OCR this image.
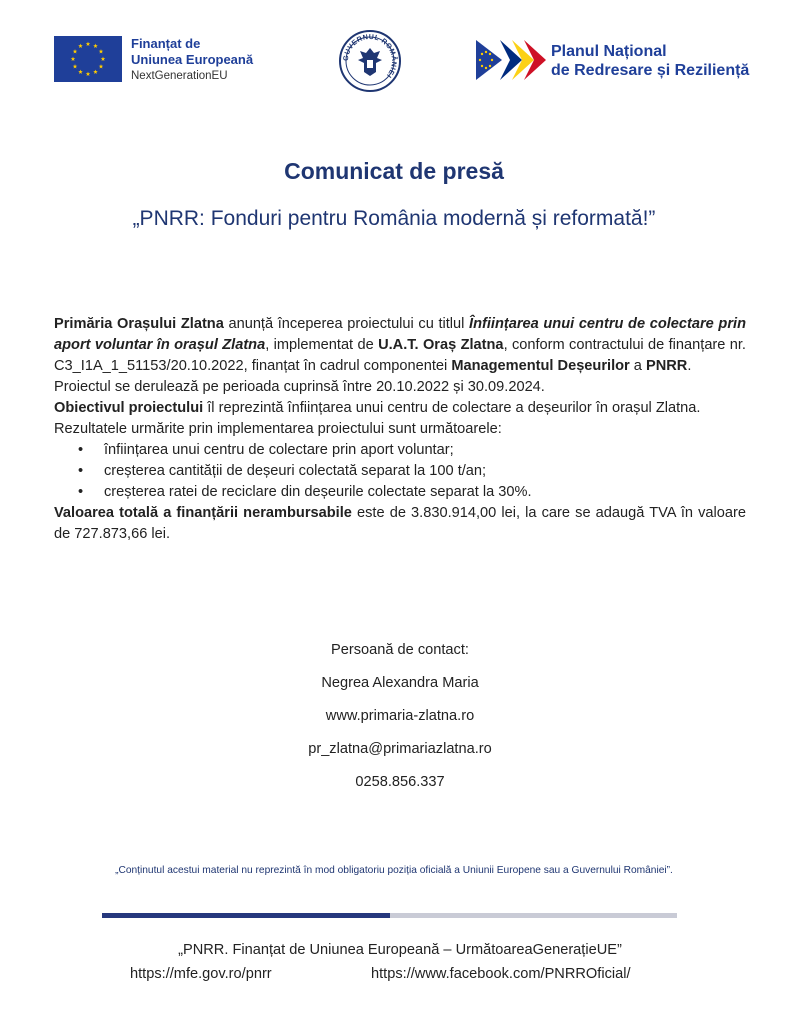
Finanțat de
Uniunea Europeană
NextGenerationEU
GUVERNUL ROMÂNIEI
Planul Național
de Redresare și Reziliență
Comunicat de presă
„PNRR: Fonduri pentru România modernă și reformată!”

Primăria Orașului Zlatna anunță începerea proiectului cu titlul Înființarea unui centru de colectare prin aport voluntar în orașul Zlatna, implementat de U.A.T. Oraș Zlatna, conform contractului de finanțare nr. C3_I1A_1_51153/20.10.2022, finanțat în cadrul componentei Managementul Deșeurilor a PNRR.

Proiectul se derulează pe perioada cuprinsă între 20.10.2022 și 30.09.2024.

Obiectivul proiectului îl reprezintă înființarea unui centru de colectare a deșeurilor în orașul Zlatna.

Rezultatele urmărite prin implementarea proiectului sunt următoarele:

• înființarea unui centru de colectare prin aport voluntar;
• creșterea cantității de deșeuri colectată separat la 100 t/an;
• creșterea ratei de reciclare din deșeurile colectate separat la 30%.

Valoarea totală a finanțării nerambursabile este de 3.830.914,00 lei, la care se adaugă TVA în valoare de 727.873,66 lei.

Persoană de contact:
Negrea Alexandra Maria
www.primaria-zlatna.ro
pr_zlatna@primariazlatna.ro
0258.856.337
„Conținutul acestui material nu reprezintă în mod obligatoriu poziția oficială a Uniunii Europene sau a Guvernului României”.
„PNRR. Finanțat de Uniunea Europeană – UrmătoareaGenerațieUE”
https://mfe.gov.ro/pnrr	https://www.facebook.com/PNRROficial/
